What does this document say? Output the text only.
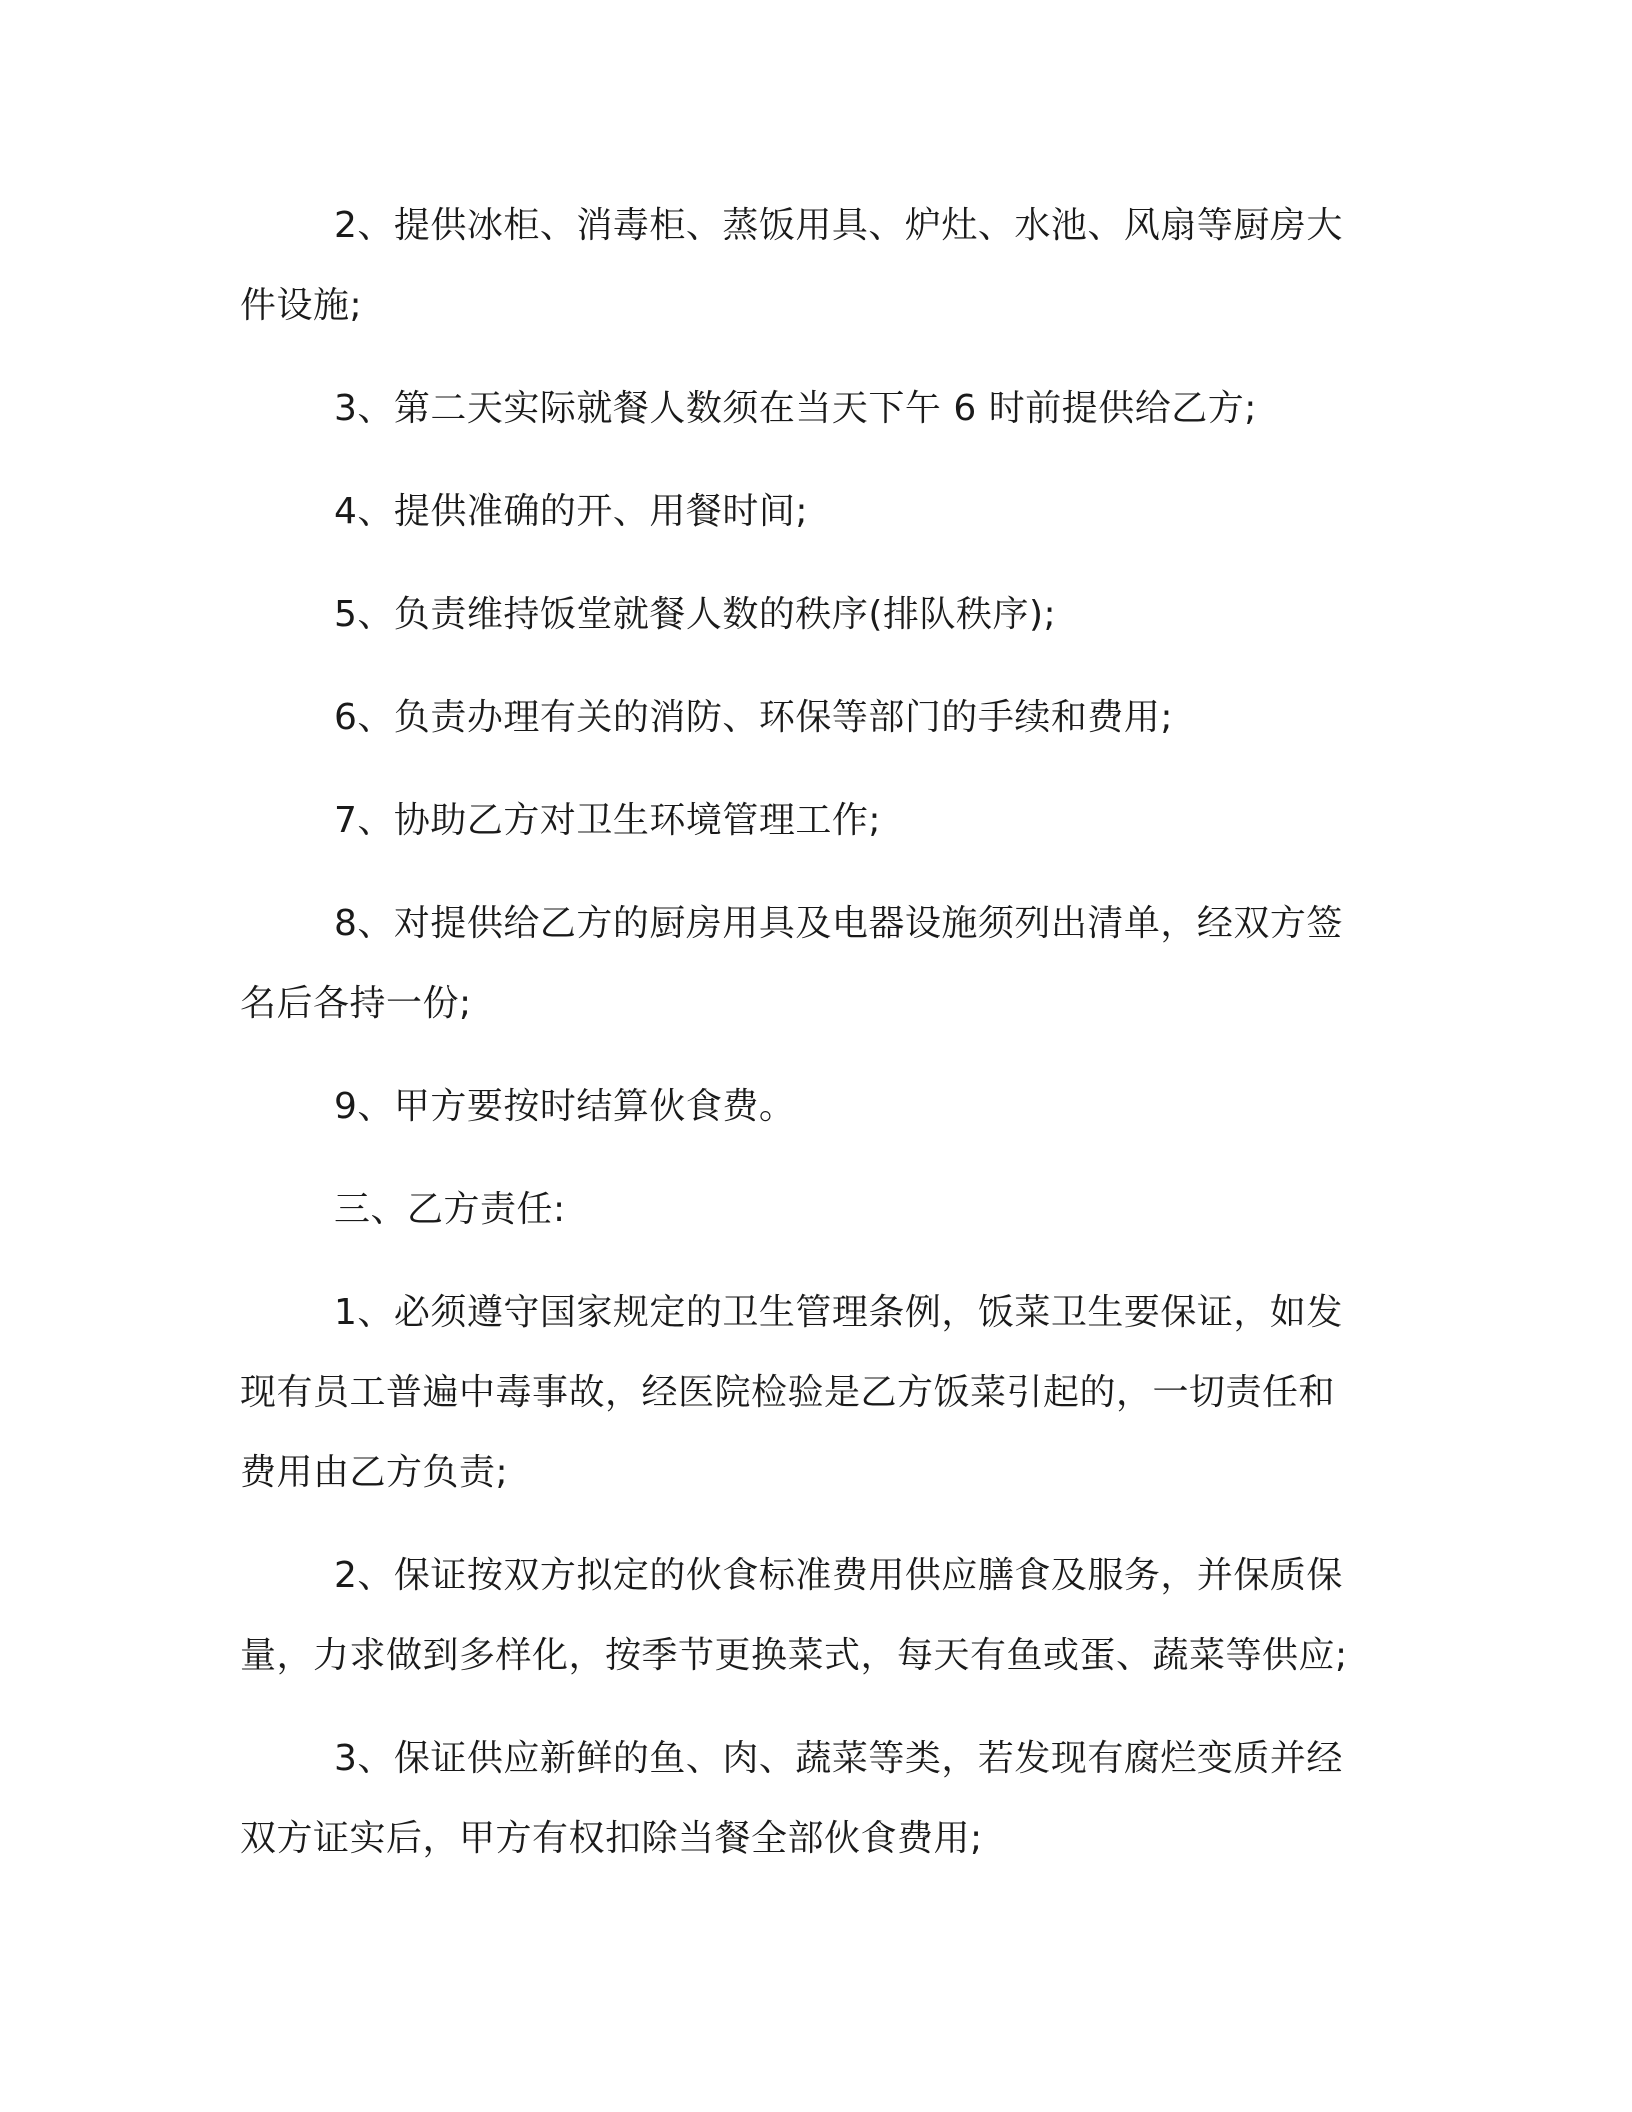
2、提供冰柜、消毒柜、蒸饭用具、炉灶、水池、风扇等厨房大件设施;

3、第二天实际就餐人数须在当天下午 6 时前提供给乙方;

4、提供准确的开、用餐时间;

5、负责维持饭堂就餐人数的秩序(排队秩序);

6、负责办理有关的消防、环保等部门的手续和费用;

7、协助乙方对卫生环境管理工作;

8、对提供给乙方的厨房用具及电器设施须列出清单，经双方签名后各持一份;

9、甲方要按时结算伙食费。

三、乙方责任:

1、必须遵守国家规定的卫生管理条例，饭菜卫生要保证，如发现有员工普遍中毒事故，经医院检验是乙方饭菜引起的，一切责任和费用由乙方负责;

2、保证按双方拟定的伙食标准费用供应膳食及服务，并保质保量，力求做到多样化，按季节更换菜式，每天有鱼或蛋、蔬菜等供应;

3、保证供应新鲜的鱼、肉、蔬菜等类，若发现有腐烂变质并经双方证实后，甲方有权扣除当餐全部伙食费用;
